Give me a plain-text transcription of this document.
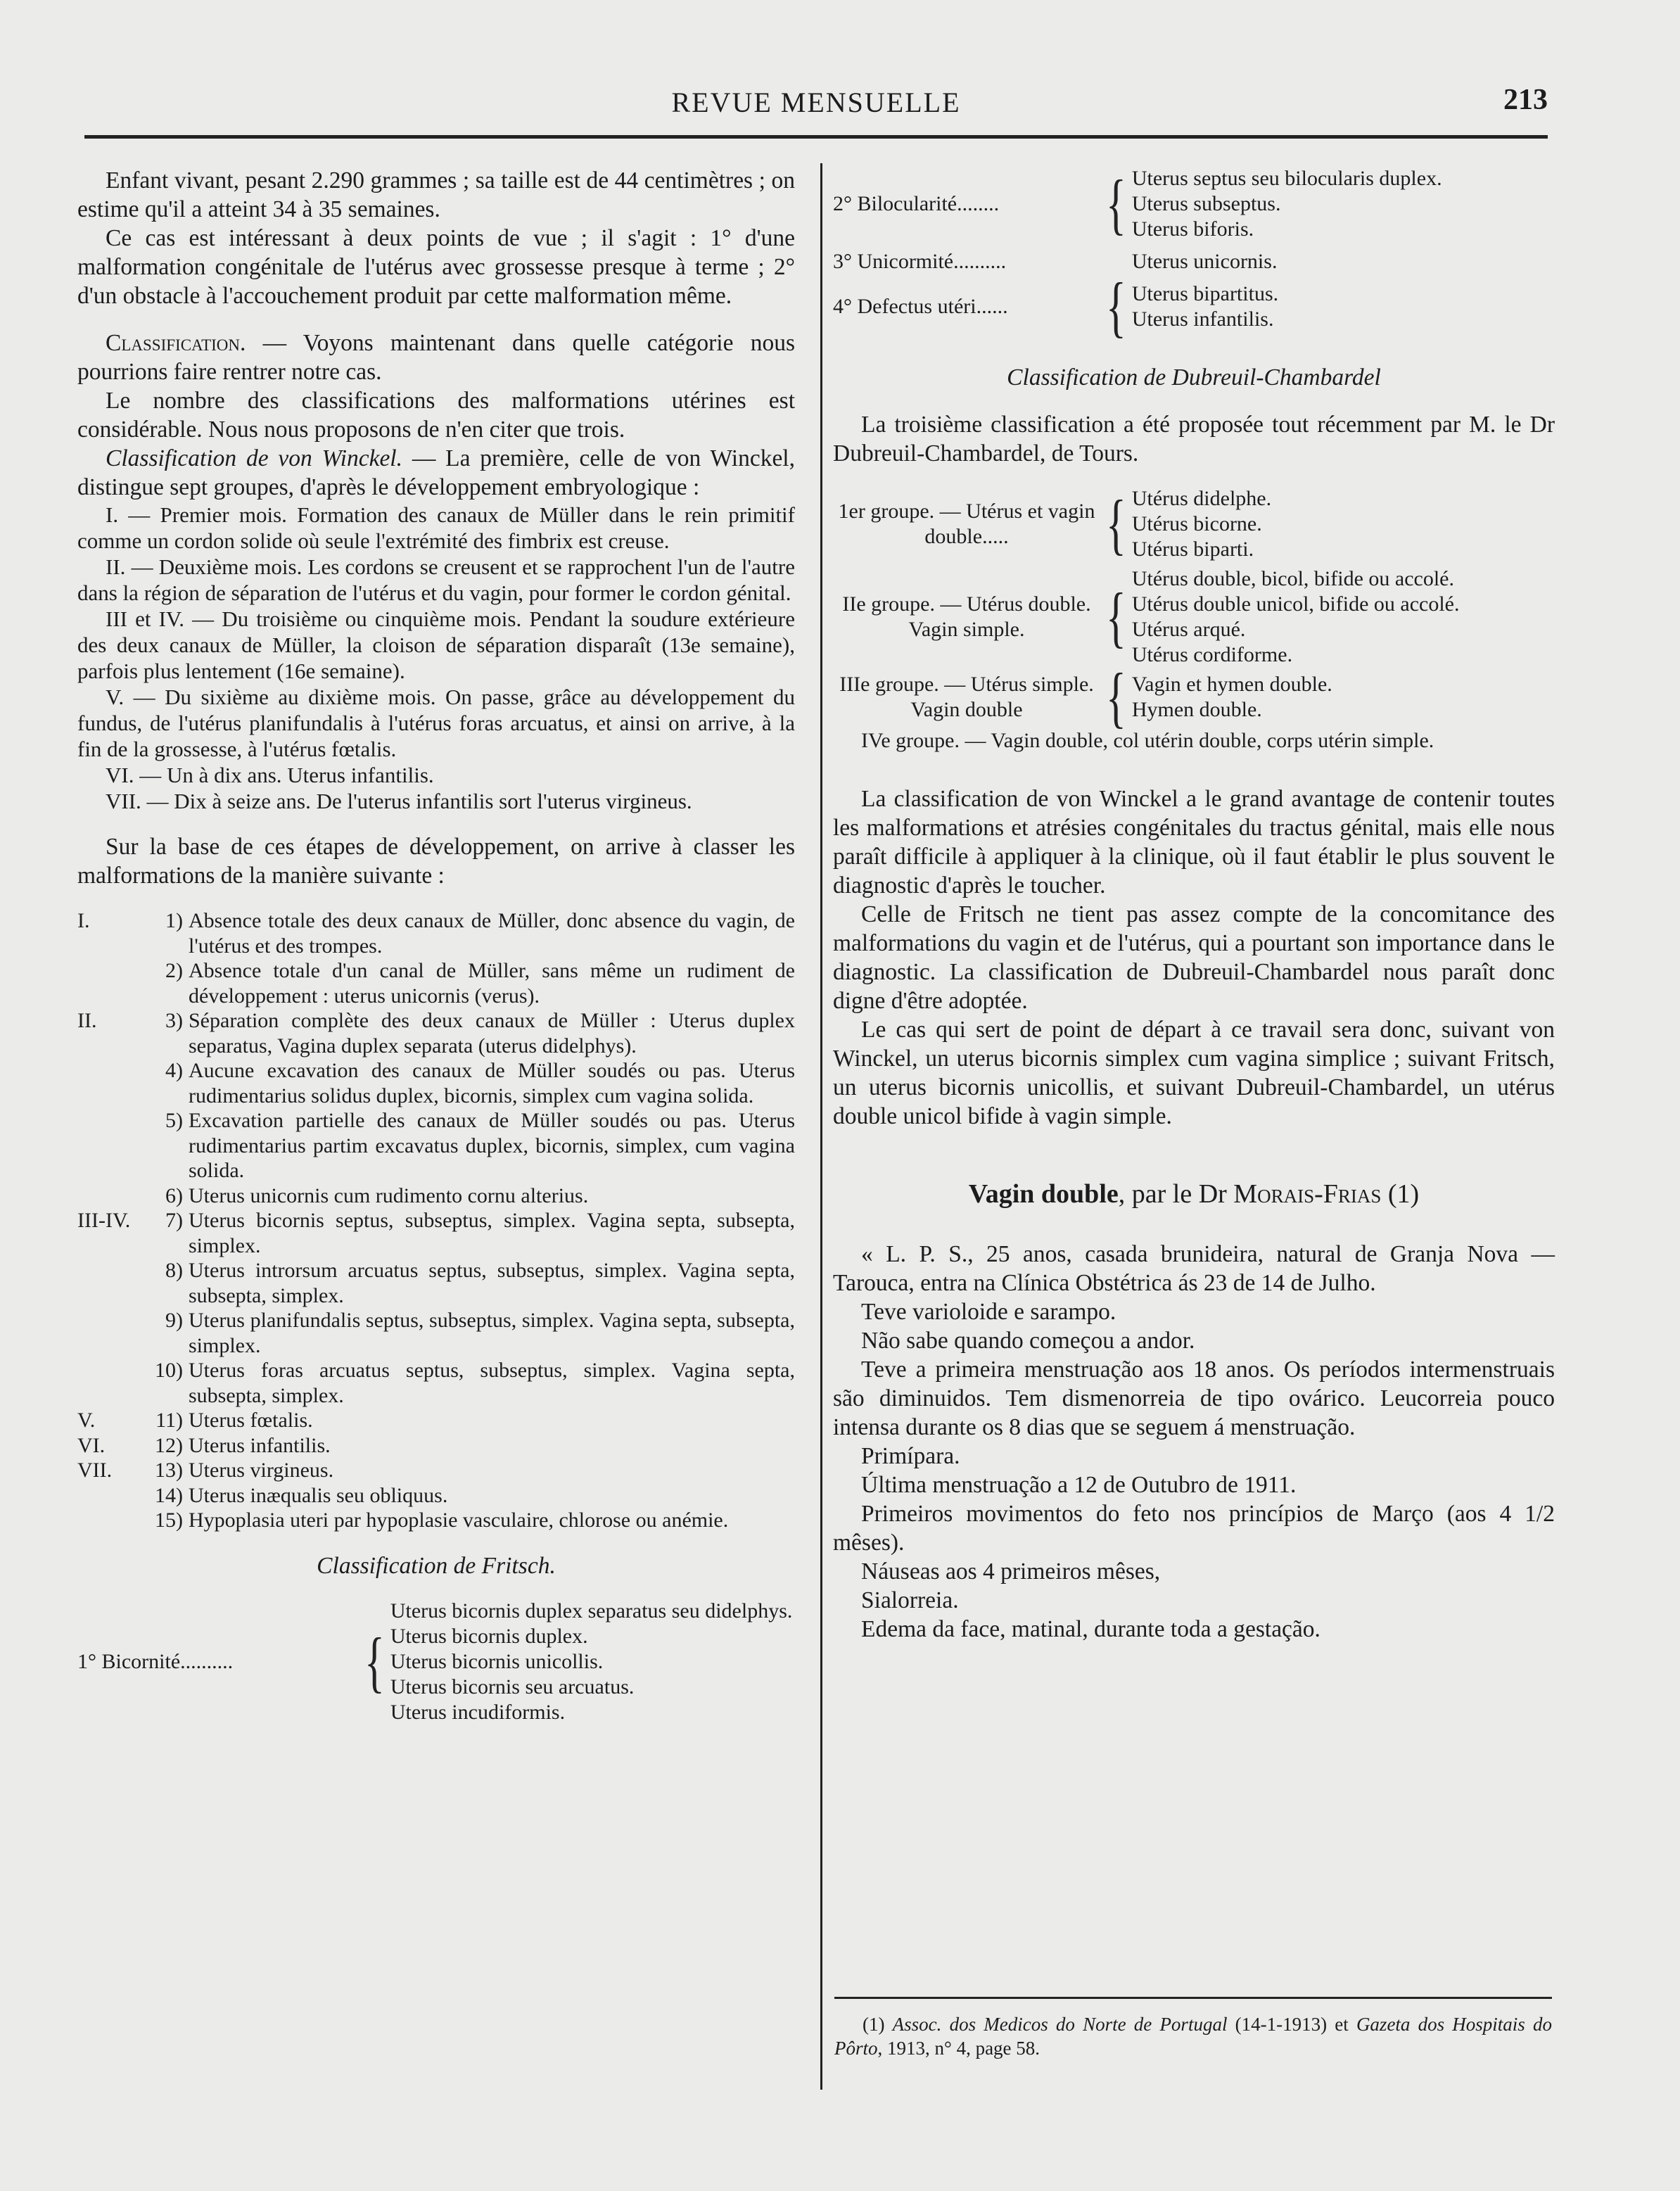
REVUE MENSUELLE	213

Enfant vivant, pesant 2.290 grammes ; sa taille est de 44 centimètres ; on estime qu'il a atteint 34 à 35 semaines.

Ce cas est intéressant à deux points de vue ; il s'agit : 1° d'une malformation congénitale de l'utérus avec grossesse presque à terme ; 2° d'un obstacle à l'accouchement produit par cette malformation même.

Classification. — Voyons maintenant dans quelle catégorie nous pourrions faire rentrer notre cas.

Le nombre des classifications des malformations utérines est considérable. Nous nous proposons de n'en citer que trois.

Classification de von Winckel. — La première, celle de von Winckel, distingue sept groupes, d'après le développement embryologique :

I. — Premier mois. Formation des canaux de Müller dans le rein primitif comme un cordon solide où seule l'extrémité des fimbrix est creuse.

II. — Deuxième mois. Les cordons se creusent et se rapprochent l'un de l'autre dans la région de séparation de l'utérus et du vagin, pour former le cordon génital.

III et IV. — Du troisième ou cinquième mois. Pendant la soudure extérieure des deux canaux de Müller, la cloison de séparation disparaît (13e semaine), parfois plus lentement (16e semaine).

V. — Du sixième au dixième mois. On passe, grâce au développement du fundus, de l'utérus planifundalis à l'utérus foras arcuatus, et ainsi on arrive, à la fin de la grossesse, à l'utérus fœtalis.

VI. — Un à dix ans. Uterus infantilis.

VII. — Dix à seize ans. De l'uterus infantilis sort l'uterus virgineus.

Sur la base de ces étapes de développement, on arrive à classer les malformations de la manière suivante :

I.	1) Absence totale des deux canaux de Müller, donc absence du vagin, de l'utérus et des trompes.
2) Absence totale d'un canal de Müller, sans même un rudiment de développement : uterus unicornis (verus).
II.	3) Séparation complète des deux canaux de Müller : Uterus duplex separatus, Vagina duplex separata (uterus didelphys).
4) Aucune excavation des canaux de Müller soudés ou pas. Uterus rudimentarius solidus duplex, bicornis, simplex cum vagina solida.
5) Excavation partielle des canaux de Müller soudés ou pas. Uterus rudimentarius partim excavatus duplex, bicornis, simplex, cum vagina solida.
6) Uterus unicornis cum rudimento cornu alterius.
III-IV.	7) Uterus bicornis septus, subseptus, simplex. Vagina septa, subsepta, simplex.
8) Uterus introrsum arcuatus septus, subseptus, simplex. Vagina septa, subsepta, simplex.
9) Uterus planifundalis septus, subseptus, simplex. Vagina septa, subsepta, simplex.
10) Uterus foras arcuatus septus, subseptus, simplex. Vagina septa, subsepta, simplex.
V.	11) Uterus fœtalis.
VI.	12) Uterus infantilis.
VII.	13) Uterus virgineus.
14) Uterus inæqualis seu obliquus.
15) Hypoplasia uteri par hypoplasie vasculaire, chlorose ou anémie.

Classification de Fritsch.

1° Bicornité..........	{
Uterus bicornis duplex separatus seu didelphys.
Uterus bicornis duplex.
Uterus bicornis unicollis.
Uterus bicornis seu arcuatus.
Uterus incudiformis.
2° Bilocularité........	{ Uterus septus seu bilocularis duplex.
Uterus subseptus.
Uterus biforis.
3° Unicormité..........	Uterus unicornis.
4° Defectus utéri......	{ Uterus bipartitus.
Uterus infantilis.

Classification de Dubreuil-Chambardel

La troisième classification a été proposée tout récemment par M. le Dr Dubreuil-Chambardel, de Tours.

1er groupe. — Utérus et vagin double.....	{ Utérus didelphe.
Utérus bicorne.
Utérus biparti.
IIe groupe. — Utérus double. Vagin simple.	{
Utérus double, bicol, bifide ou accolé.
Utérus double unicol, bifide ou accolé.
Utérus arqué.
Utérus cordiforme.
IIIe groupe. — Utérus simple. Vagin double	{ Vagin et hymen double.
Hymen double.

IVe groupe. — Vagin double, col utérin double, corps utérin simple.

La classification de von Winckel a le grand avantage de contenir toutes les malformations et atrésies congénitales du tractus génital, mais elle nous paraît difficile à appliquer à la clinique, où il faut établir le plus souvent le diagnostic d'après le toucher.

Celle de Fritsch ne tient pas assez compte de la concomitance des malformations du vagin et de l'utérus, qui a pourtant son importance dans le diagnostic. La classification de Dubreuil-Chambardel nous paraît donc digne d'être adoptée.

Le cas qui sert de point de départ à ce travail sera donc, suivant von Winckel, un uterus bicornis simplex cum vagina simplice ; suivant Fritsch, un uterus bicornis unicollis, et suivant Dubreuil-Chambardel, un utérus double unicol bifide à vagin simple.

Vagin double, par le Dr Morais-Frias (1)

« L. P. S., 25 anos, casada brunideira, natural de Granja Nova — Tarouca, entra na Clínica Obstétrica ás 23 de 14 de Julho.

Teve varioloide e sarampo.

Não sabe quando começou a andor.

Teve a primeira menstruação aos 18 anos. Os períodos intermenstruais são diminuidos. Tem dismenorreia de tipo ovárico. Leucorreia pouco intensa durante os 8 dias que se seguem á menstruação.

Primípara.

Última menstruação a 12 de Outubro de 1911.

Primeiros movimentos do feto nos princípios de Março (aos 4 1/2 mêses).

Náuseas aos 4 primeiros mêses,

Sialorreia.

Edema da face, matinal, durante toda a gestação.

(1) Assoc. dos Medicos do Norte de Portugal (14-1-1913) et Gazeta dos Hospitais do Pôrto, 1913, n° 4, page 58.
